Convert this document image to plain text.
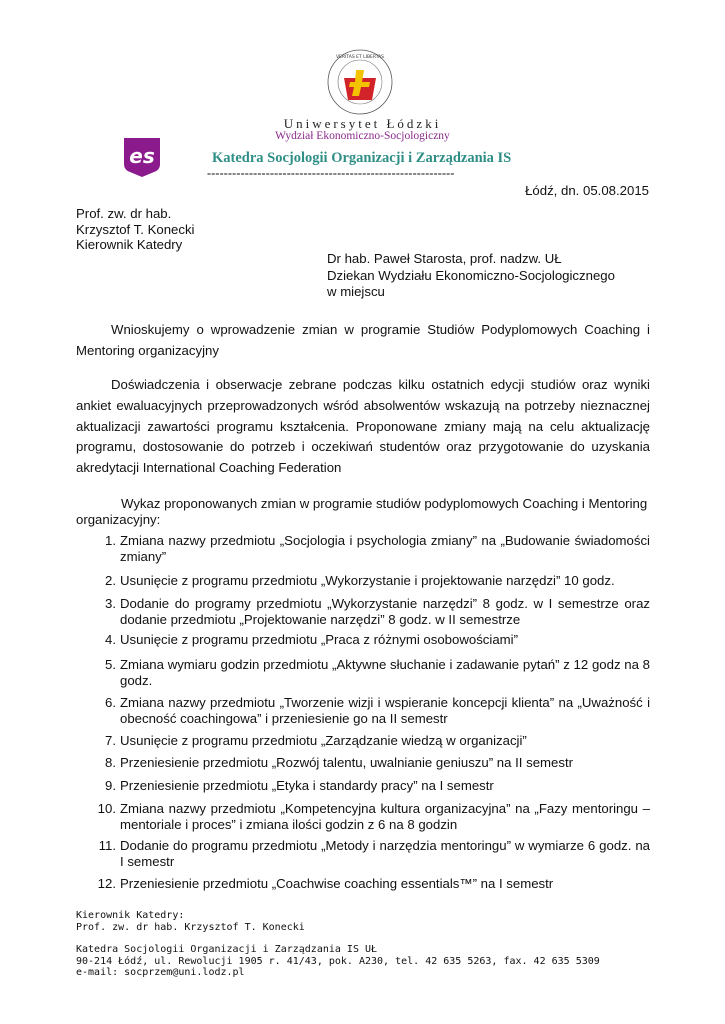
VERITAS ET LIBERTAS
Uniwersytet Łódzki
Wydział Ekonomiczno-Socjologiczny
es	Katedra Socjologii Organizacji i Zarządzania IS
-----------------------------------------------------------
Łódź, dn. 05.08.2015
Prof. zw. dr hab.
Krzysztof T. Konecki
Kierownik Katedry
Dr hab. Paweł Starosta, prof. nadzw. UŁ
Dziekan Wydziału Ekonomiczno-Socjologicznego
w miejscu
Wnioskujemy o wprowadzenie zmian w programie Studiów Podyplomowych Coaching i Mentoring organizacyjny
Doświadczenia i obserwacje zebrane podczas kilku ostatnich edycji studiów oraz wyniki ankiet ewaluacyjnych przeprowadzonych wśród absolwentów wskazują na potrzeby nieznacznej aktualizacji zawartości programu kształcenia. Proponowane zmiany mają na celu aktualizację programu, dostosowanie do potrzeb i oczekiwań studentów oraz przygotowanie do uzyskania akredytacji International Coaching Federation
Wykaz proponowanych zmian w programie studiów podyplomowych Coaching i Mentoring organizacyjny:
1. Zmiana nazwy przedmiotu „Socjologia i psychologia zmiany” na „Budowanie świadomości zmiany”
2. Usunięcie z programu przedmiotu „Wykorzystanie i projektowanie narzędzi” 10 godz.
3. Dodanie do programy przedmiotu „Wykorzystanie narzędzi” 8 godz. w I semestrze oraz dodanie przedmiotu „Projektowanie narzędzi” 8 godz. w II semestrze
4. Usunięcie z programu przedmiotu „Praca z różnymi osobowościami”
5. Zmiana wymiaru godzin przedmiotu „Aktywne słuchanie i zadawanie pytań” z 12 godz na 8 godz.
6. Zmiana nazwy przedmiotu „Tworzenie wizji i wspieranie koncepcji klienta” na „Uważność i obecność coachingowa” i przeniesienie go na II semestr
7. Usunięcie z programu przedmiotu „Zarządzanie wiedzą w organizacji”
8. Przeniesienie przedmiotu „Rozwój talentu, uwalnianie geniuszu” na II semestr
9. Przeniesienie przedmiotu „Etyka i standardy pracy” na I semestr
10. Zmiana nazwy przedmiotu „Kompetencyjna kultura organizacyjna” na „Fazy mentoringu – mentoriale i proces” i zmiana ilości godzin z 6 na 8 godzin
11. Dodanie do programu przedmiotu „Metody i narzędzia mentoringu” w wymiarze 6 godz. na I semestr
12. Przeniesienie przedmiotu „Coachwise coaching essentials™” na I semestr
Kierownik Katedry:
Prof. zw. dr hab. Krzysztof T. Konecki
Katedra Socjologii Organizacji i Zarządzania IS UŁ
90-214 Łódź, ul. Rewolucji 1905 r. 41/43, pok. A230, tel. 42 635 5263, fax. 42 635 5309
e-mail: socprzem@uni.lodz.pl
